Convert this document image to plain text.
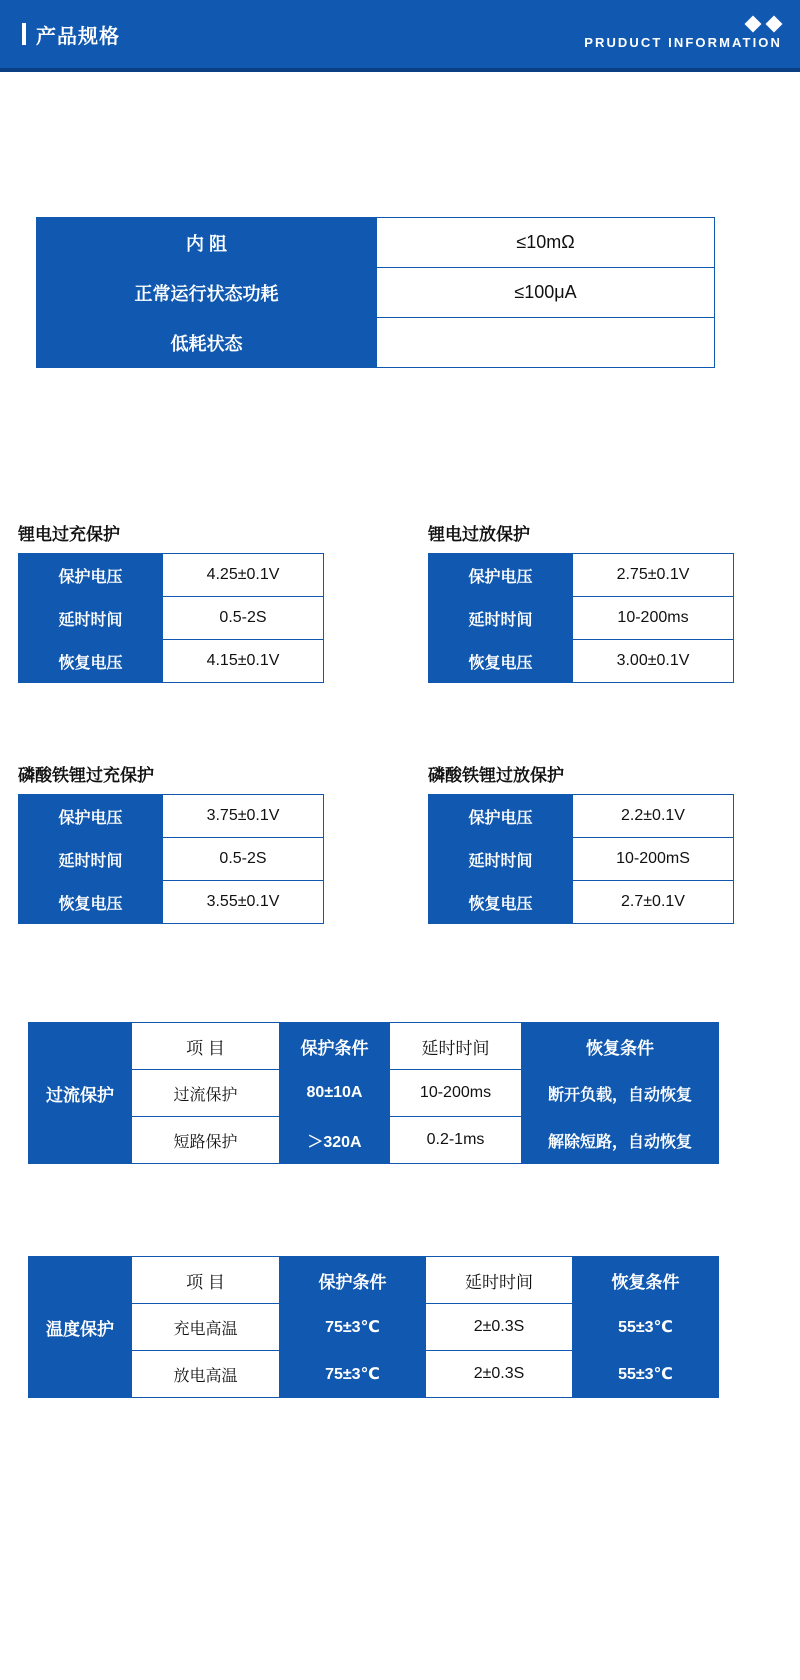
产品规格	PRUDUCT INFORMATION
内 阻	≤10mΩ
正常运行状态功耗	≤100μA
低耗状态	
锂电过充保护
保护电压	4.25±0.1V
延时时间	0.5-2S
恢复电压	4.15±0.1V
锂电过放保护
保护电压	2.75±0.1V
延时时间	10-200ms
恢复电压	3.00±0.1V
磷酸铁锂过充保护
保护电压	3.75±0.1V
延时时间	0.5-2S
恢复电压	3.55±0.1V
磷酸铁锂过放保护
保护电压	2.2±0.1V
延时时间	10-200mS
恢复电压	2.7±0.1V
过流保护	项 目	保护条件	延时时间	恢复条件
	过流保护	80±10A	10-200ms	断开负载，自动恢复
	短路保护	＞320A	0.2-1ms	解除短路，自动恢复
温度保护	项 目	保护条件	延时时间	恢复条件
	充电高温	75±3℃	2±0.3S	55±3℃
	放电高温	75±3℃	2±0.3S	55±3℃
